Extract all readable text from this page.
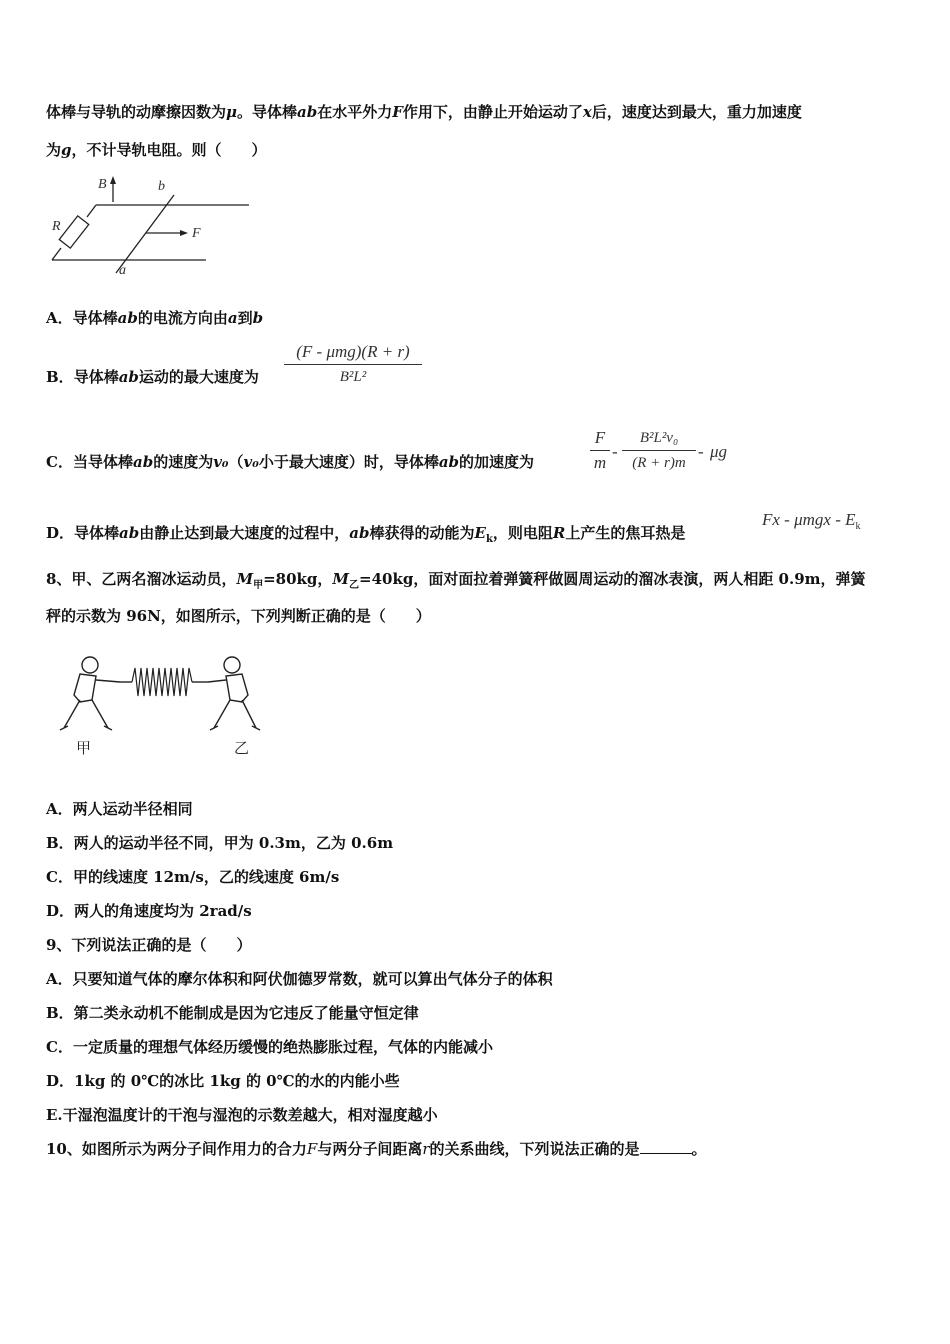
体棒与导轨的动摩擦因数为μ。导体棒ab在水平外力F作用下，由静止开始运动了x后，速度达到最大，重力加速度
为g，不计导轨电阻。则（　　）
B	b
R	F
a
A．导体棒ab的电流方向由a到b
B．导体棒ab运动的最大速度为
(F - μmg)(R + r)
B²L²
C．当导体棒ab的速度为v₀（v₀小于最大速度）时，导体棒ab的加速度为
F
m
-
B²L²v₀
(R + r)m
- μg
D．导体棒ab由静止达到最大速度的过程中，ab棒获得的动能为$E_k$，则电阻R上产生的焦耳热是
Fx - μmgx - $E_k$
8、甲、乙两名溜冰运动员，$M_甲=80kg$，$M_乙=40kg$，面对面拉着弹簧秤做圆周运动的溜冰表演，两人相距 0.9m，弹簧
秤的示数为 96N，如图所示，下列判断正确的是（　　）
甲	乙
A．两人运动半径相同
B．两人的运动半径不同，甲为 0.3m，乙为 0.6m
C．甲的线速度 12m/s，乙的线速度 6m/s
D．两人的角速度均为 2rad/s
9、下列说法正确的是（　　）
A．只要知道气体的摩尔体积和阿伏伽德罗常数，就可以算出气体分子的体积
B．第二类永动机不能制成是因为它违反了能量守恒定律
C．一定质量的理想气体经历缓慢的绝热膨胀过程，气体的内能减小
D．1kg 的 0℃的冰比 1kg 的 0℃的水的内能小些
E.干湿泡温度计的干泡与湿泡的示数差越大，相对湿度越小
10、如图所示为两分子间作用力的合力F与两分子间距离r的关系曲线，下列说法正确的是	。
